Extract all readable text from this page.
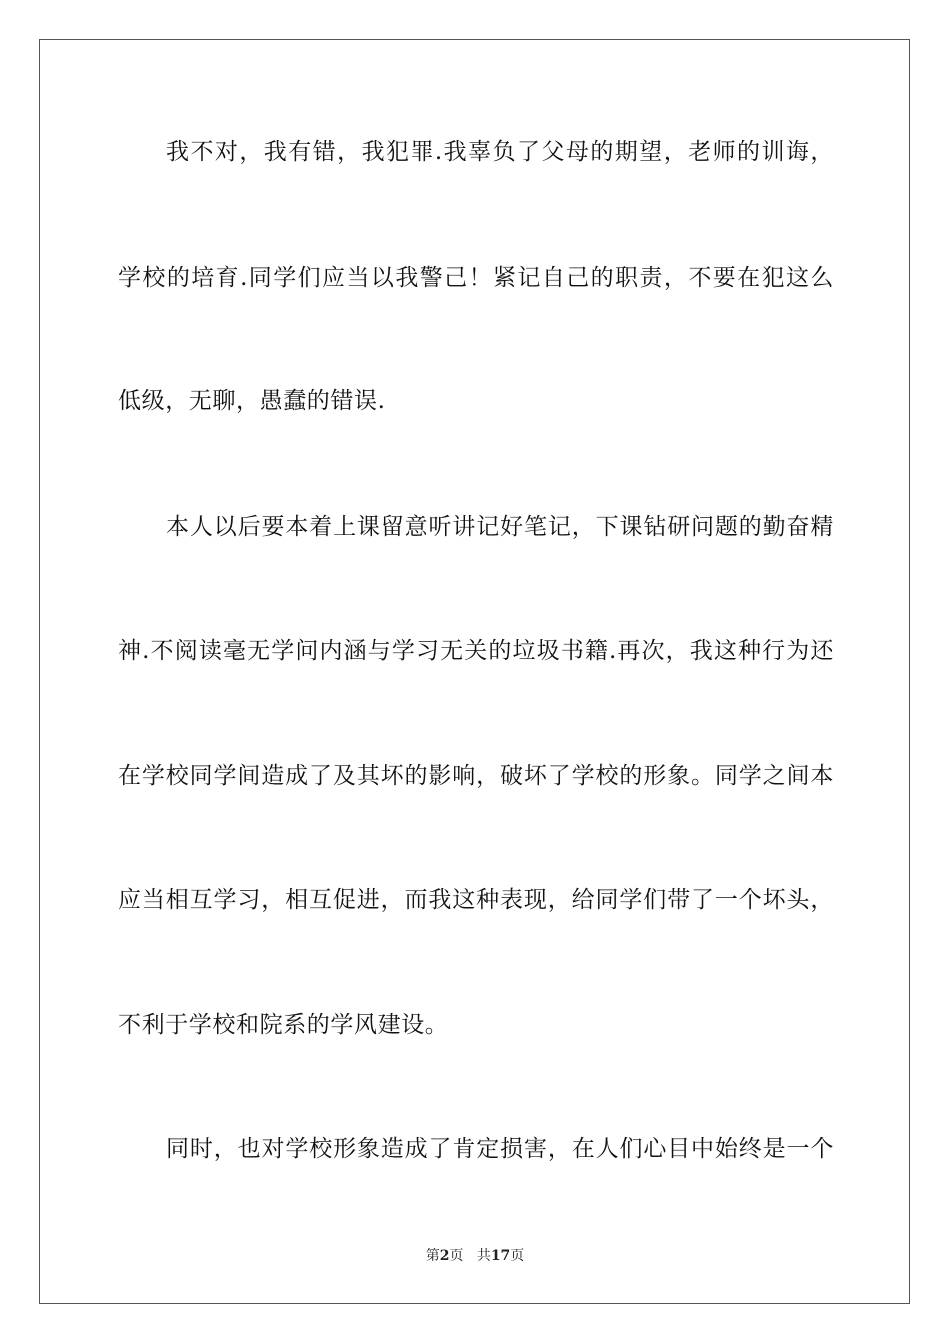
我不对，我有错，我犯罪.我辜负了父母的期望，老师的训诲，
学校的培育.同学们应当以我警己！紧记自己的职责，不要在犯这么
低级，无聊，愚蠢的错误.
本人以后要本着上课留意听讲记好笔记，下课钻研问题的勤奋精
神.不阅读毫无学问内涵与学习无关的垃圾书籍.再次，我这种行为还
在学校同学间造成了及其坏的影响，破坏了学校的形象。同学之间本
应当相互学习，相互促进，而我这种表现，给同学们带了一个坏头，
不利于学校和院系的学风建设。
同时，也对学校形象造成了肯定损害，在人们心目中始终是一个
第2页 共17页
